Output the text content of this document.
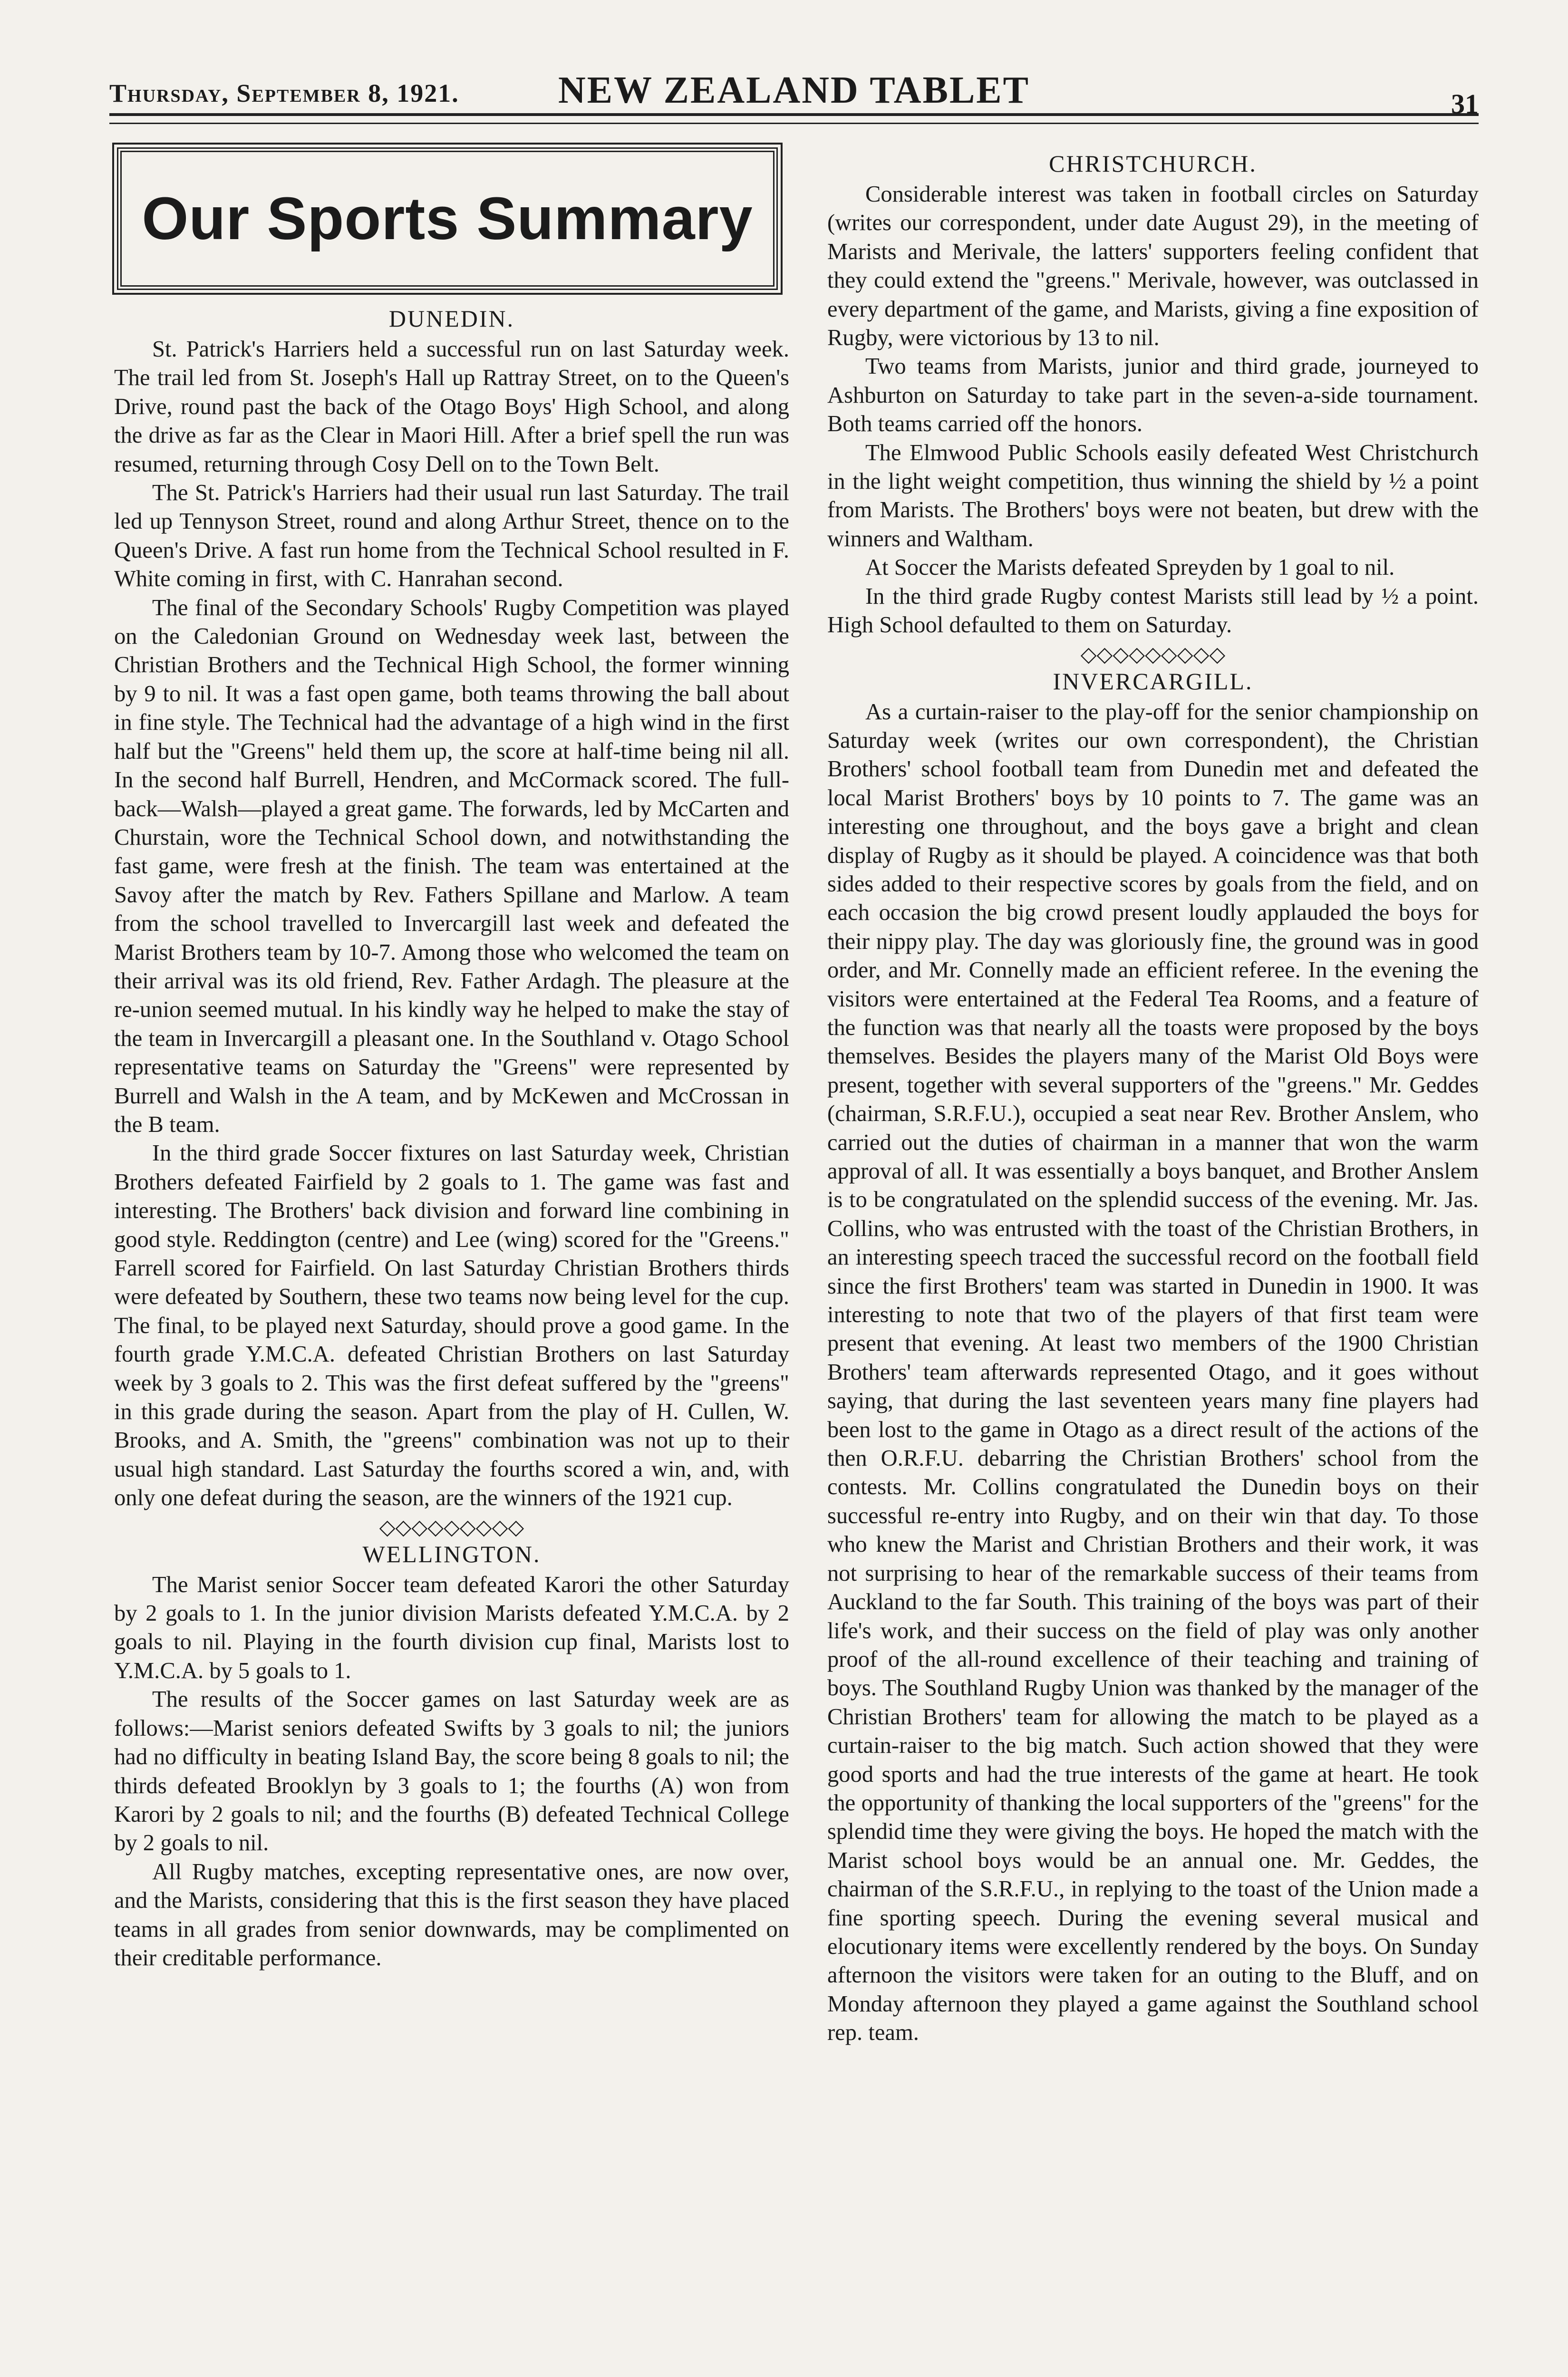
Thursday, September 8, 1921.	NEW ZEALAND TABLET	31
Our Sports Summary
DUNEDIN.

St. Patrick's Harriers held a successful run on last Saturday week. The trail led from St. Joseph's Hall up Rattray Street, on to the Queen's Drive, round past the back of the Otago Boys' High School, and along the drive as far as the Clear in Maori Hill. After a brief spell the run was resumed, returning through Cosy Dell on to the Town Belt.

The St. Patrick's Harriers had their usual run last Saturday. The trail led up Tennyson Street, round and along Arthur Street, thence on to the Queen's Drive. A fast run home from the Technical School resulted in F. White coming in first, with C. Hanrahan second.

The final of the Secondary Schools' Rugby Competition was played on the Caledonian Ground on Wednesday week last, between the Christian Brothers and the Technical High School, the former winning by 9 to nil. It was a fast open game, both teams throwing the ball about in fine style. The Technical had the advantage of a high wind in the first half but the "Greens" held them up, the score at half-time being nil all. In the second half Burrell, Hendren, and McCormack scored. The full-back—Walsh—played a great game. The forwards, led by McCarten and Churstain, wore the Technical School down, and notwithstanding the fast game, were fresh at the finish. The team was entertained at the Savoy after the match by Rev. Fathers Spillane and Marlow. A team from the school travelled to Invercargill last week and defeated the Marist Brothers team by 10-7. Among those who welcomed the team on their arrival was its old friend, Rev. Father Ardagh. The pleasure at the re-union seemed mutual. In his kindly way he helped to make the stay of the team in Invercargill a pleasant one. In the Southland v. Otago School representative teams on Saturday the "Greens" were represented by Burrell and Walsh in the A team, and by McKewen and McCrossan in the B team.

In the third grade Soccer fixtures on last Saturday week, Christian Brothers defeated Fairfield by 2 goals to 1. The game was fast and interesting. The Brothers' back division and forward line combining in good style. Reddington (centre) and Lee (wing) scored for the "Greens." Farrell scored for Fairfield. On last Saturday Christian Brothers thirds were defeated by Southern, these two teams now being level for the cup. The final, to be played next Saturday, should prove a good game. In the fourth grade Y.M.C.A. defeated Christian Brothers on last Saturday week by 3 goals to 2. This was the first defeat suffered by the "greens" in this grade during the season. Apart from the play of H. Cullen, W. Brooks, and A. Smith, the "greens" combination was not up to their usual high standard. Last Saturday the fourths scored a win, and, with only one defeat during the season, are the winners of the 1921 cup.

◇◇◇◇◇◇◇◇◇
WELLINGTON.

The Marist senior Soccer team defeated Karori the other Saturday by 2 goals to 1. In the junior division Marists defeated Y.M.C.A. by 2 goals to nil. Playing in the fourth division cup final, Marists lost to Y.M.C.A. by 5 goals to 1.

The results of the Soccer games on last Saturday week are as follows:—Marist seniors defeated Swifts by 3 goals to nil; the juniors had no difficulty in beating Island Bay, the score being 8 goals to nil; the thirds defeated Brooklyn by 3 goals to 1; the fourths (A) won from Karori by 2 goals to nil; and the fourths (B) defeated Technical College by 2 goals to nil.

All Rugby matches, excepting representative ones, are now over, and the Marists, considering that this is the first season they have placed teams in all grades from senior downwards, may be complimented on their creditable performance.

CHRISTCHURCH.

Considerable interest was taken in football circles on Saturday (writes our correspondent, under date August 29), in the meeting of Marists and Merivale, the latters' supporters feeling confident that they could extend the "greens." Merivale, however, was outclassed in every department of the game, and Marists, giving a fine exposition of Rugby, were victorious by 13 to nil.

Two teams from Marists, junior and third grade, journeyed to Ashburton on Saturday to take part in the seven-a-side tournament. Both teams carried off the honors.

The Elmwood Public Schools easily defeated West Christchurch in the light weight competition, thus winning the shield by ½ a point from Marists. The Brothers' boys were not beaten, but drew with the winners and Waltham.

At Soccer the Marists defeated Spreyden by 1 goal to nil.

In the third grade Rugby contest Marists still lead by ½ a point. High School defaulted to them on Saturday.

◇◇◇◇◇◇◇◇◇
INVERCARGILL.

As a curtain-raiser to the play-off for the senior championship on Saturday week (writes our own correspondent), the Christian Brothers' school football team from Dunedin met and defeated the local Marist Brothers' boys by 10 points to 7. The game was an interesting one throughout, and the boys gave a bright and clean display of Rugby as it should be played. A coincidence was that both sides added to their respective scores by goals from the field, and on each occasion the big crowd present loudly applauded the boys for their nippy play. The day was gloriously fine, the ground was in good order, and Mr. Connelly made an efficient referee. In the evening the visitors were entertained at the Federal Tea Rooms, and a feature of the function was that nearly all the toasts were proposed by the boys themselves. Besides the players many of the Marist Old Boys were present, together with several supporters of the "greens." Mr. Geddes (chairman, S.R.F.U.), occupied a seat near Rev. Brother Anslem, who carried out the duties of chairman in a manner that won the warm approval of all. It was essentially a boys banquet, and Brother Anslem is to be congratulated on the splendid success of the evening. Mr. Jas. Collins, who was entrusted with the toast of the Christian Brothers, in an interesting speech traced the successful record on the football field since the first Brothers' team was started in Dunedin in 1900. It was interesting to note that two of the players of that first team were present that evening. At least two members of the 1900 Christian Brothers' team afterwards represented Otago, and it goes without saying, that during the last seventeen years many fine players had been lost to the game in Otago as a direct result of the actions of the then O.R.F.U. debarring the Christian Brothers' school from the contests. Mr. Collins congratulated the Dunedin boys on their successful re-entry into Rugby, and on their win that day. To those who knew the Marist and Christian Brothers and their work, it was not surprising to hear of the remarkable success of their teams from Auckland to the far South. This training of the boys was part of their life's work, and their success on the field of play was only another proof of the all-round excellence of their teaching and training of boys. The Southland Rugby Union was thanked by the manager of the Christian Brothers' team for allowing the match to be played as a curtain-raiser to the big match. Such action showed that they were good sports and had the true interests of the game at heart. He took the opportunity of thanking the local supporters of the "greens" for the splendid time they were giving the boys. He hoped the match with the Marist school boys would be an annual one. Mr. Geddes, the chairman of the S.R.F.U., in replying to the toast of the Union made a fine sporting speech. During the evening several musical and elocutionary items were excellently rendered by the boys. On Sunday afternoon the visitors were taken for an outing to the Bluff, and on Monday afternoon they played a game against the Southland school rep. team.
